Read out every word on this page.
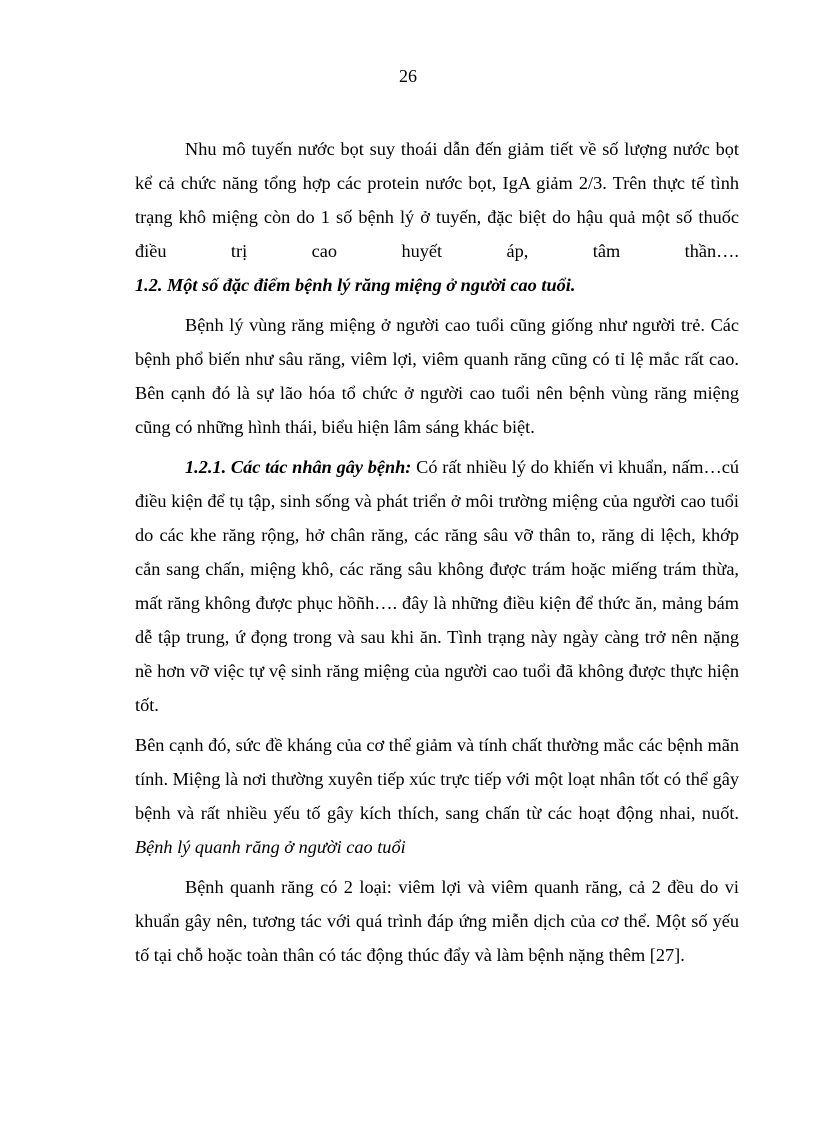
26

Nhu mô tuyến nước bọt suy thoái dẫn đến giảm tiết về số lượng nước bọt kể cả chức năng tổng hợp các protein nước bọt, IgA giảm 2/3. Trên thực tế tình trạng khô miệng còn do 1 số bệnh lý ở tuyến, đặc biệt do hậu quả một số thuốc điều trị cao huyết áp, tâm thần….

1.2. Một số đặc điểm bệnh lý răng miệng ở người cao tuổi.

Bệnh lý vùng răng miệng ở người cao tuổi cũng giống như người trẻ. Các bệnh phổ biến như sâu răng, viêm lợi, viêm quanh răng cũng có tỉ lệ mắc rất cao. Bên cạnh đó là sự lão hóa tổ chức ở người cao tuổi nên bệnh vùng răng miệng cũng có những hình thái, biểu hiện lâm sáng khác biệt.

1.2.1. Các tác nhân gây bệnh: Có rất nhiều lý do khiến vi khuẩn, nấm…cú điều kiện để tụ tập, sinh sống và phát triển ở môi trường miệng của người cao tuổi do các khe răng rộng, hở chân răng, các răng sâu vỡ thân to, răng di lệch, khớp cắn sang chấn, miệng khô, các răng sâu không được trám hoặc miếng trám thừa, mất răng không được phục hồñh…. đây là những điều kiện để thức ăn, mảng bám dễ tập trung, ứ đọng trong và sau khi ăn. Tình trạng này ngày càng trở nên nặng nề hơn vỡ việc tự vệ sinh răng miệng của người cao tuổi đã không được thực hiện tốt.

Bên cạnh đó, sức đề kháng của cơ thể giảm và tính chất thường mắc các bệnh mãn tính. Miệng là nơi thường xuyên tiếp xúc trực tiếp với một loạt nhân tốt có thể gây bệnh và rất nhiều yếu tố gây kích thích, sang chấn từ các hoạt động nhai, nuốt. Bệnh lý quanh răng ở người cao tuổi

Bệnh quanh răng có 2 loại: viêm lợi và viêm quanh răng, cả 2 đều do vi khuẩn gây nên, tương tác với quá trình đáp ứng miễn dịch của cơ thể. Một số yếu tố tại chỗ hoặc toàn thân có tác động thúc đẩy và làm bệnh nặng thêm [27].
